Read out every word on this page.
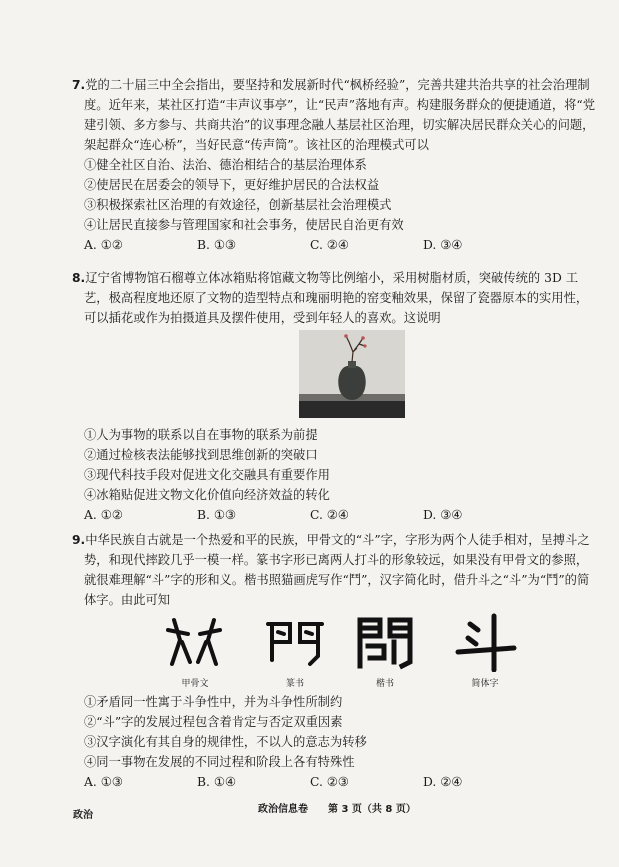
7.党的二十届三中全会指出，要坚持和发展新时代“枫桥经验”，完善共建共治共享的社会治理制度。近年来，某社区打造“丰声议事亭”，让“民声”落地有声。构建服务群众的便捷通道，将“党建引领、多方参与、共商共治”的议事理念融人基层社区治理，切实解决居民群众关心的问题，架起群众“连心桥”，当好民意“传声筒”。该社区的治理模式可以
①健全社区自治、法治、德治相结合的基层治理体系
②使居民在居委会的领导下，更好维护居民的合法权益
③积极探索社区治理的有效途径，创新基层社会治理模式
④让居民直接参与管理国家和社会事务，使居民自治更有效
A. ①②	B. ①③	C. ②④	D. ③④
8.辽宁省博物馆石榴尊立体冰箱贴将馆藏文物等比例缩小，采用树脂材质，突破传统的 3D 工艺，极高程度地还原了文物的造型特点和瑰丽明艳的窑变釉效果，保留了瓷器原本的实用性，可以插花或作为拍摄道具及摆件使用，受到年轻人的喜欢。这说明
①人为事物的联系以自在事物的联系为前提
②通过检核表法能够找到思维创新的突破口
③现代科技手段对促进文化交融具有重要作用
④冰箱贴促进文物文化价值向经济效益的转化
A. ①②	B. ①③	C. ②④	D. ③④
9.中华民族自古就是一个热爱和平的民族，甲骨文的“斗”字，字形为两个人徒手相对，呈搏斗之势，和现代摔跤几乎一模一样。篆书字形已离两人打斗的形象较远，如果没有甲骨文的参照，就很难理解“斗”字的形和义。楷书照猫画虎写作“鬥”，汉字简化时，借升斗之“斗”为“鬥”的简体字。由此可知
甲骨文	篆书	楷书	简体字
①矛盾同一性寓于斗争性中，并为斗争性所制约
②“斗”字的发展过程包含着肯定与否定双重因素
③汉字演化有其自身的规律性，不以人的意志为转移
④同一事物在发展的不同过程和阶段上各有特殊性
A. ①③	B. ①④	C. ②③	D. ②④
政治
政治信息卷　　第 3 页（共 8 页）
